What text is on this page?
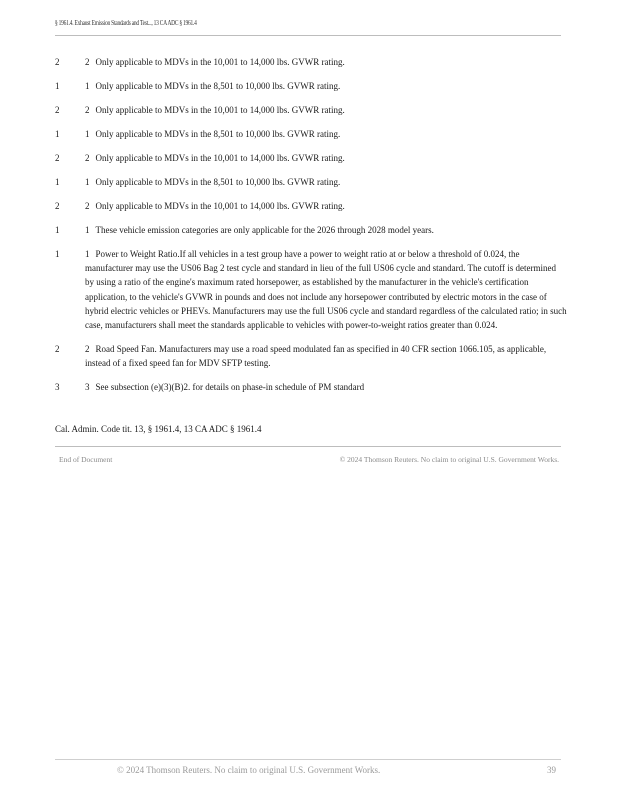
§ 1961.4. Exhaust Emission Standards and Test..., 13 CA ADC § 1961.4
2	2 Only applicable to MDVs in the 10,001 to 14,000 lbs. GVWR rating.
1	1 Only applicable to MDVs in the 8,501 to 10,000 lbs. GVWR rating.
2	2 Only applicable to MDVs in the 10,001 to 14,000 lbs. GVWR rating.
1	1 Only applicable to MDVs in the 8,501 to 10,000 lbs. GVWR rating.
2	2 Only applicable to MDVs in the 10,001 to 14,000 lbs. GVWR rating.
1	1 Only applicable to MDVs in the 8,501 to 10,000 lbs. GVWR rating.
2	2 Only applicable to MDVs in the 10,001 to 14,000 lbs. GVWR rating.
1	1 These vehicle emission categories are only applicable for the 2026 through 2028 model years.
1	1 Power to Weight Ratio.If all vehicles in a test group have a power to weight ratio at or below a threshold of 0.024, the manufacturer may use the US06 Bag 2 test cycle and standard in lieu of the full US06 cycle and standard. The cutoff is determined by using a ratio of the engine's maximum rated horsepower, as established by the manufacturer in the vehicle's certification application, to the vehicle's GVWR in pounds and does not include any horsepower contributed by electric motors in the case of hybrid electric vehicles or PHEVs. Manufacturers may use the full US06 cycle and standard regardless of the calculated ratio; in such case, manufacturers shall meet the standards applicable to vehicles with power-to-weight ratios greater than 0.024.
2	2 Road Speed Fan. Manufacturers may use a road speed modulated fan as specified in 40 CFR section 1066.105, as applicable, instead of a fixed speed fan for MDV SFTP testing.
3	3 See subsection (e)(3)(B)2. for details on phase-in schedule of PM standard
Cal. Admin. Code tit. 13, § 1961.4, 13 CA ADC § 1961.4
End of Document	© 2024 Thomson Reuters. No claim to original U.S. Government Works.
© 2024 Thomson Reuters. No claim to original U.S. Government Works.	39
